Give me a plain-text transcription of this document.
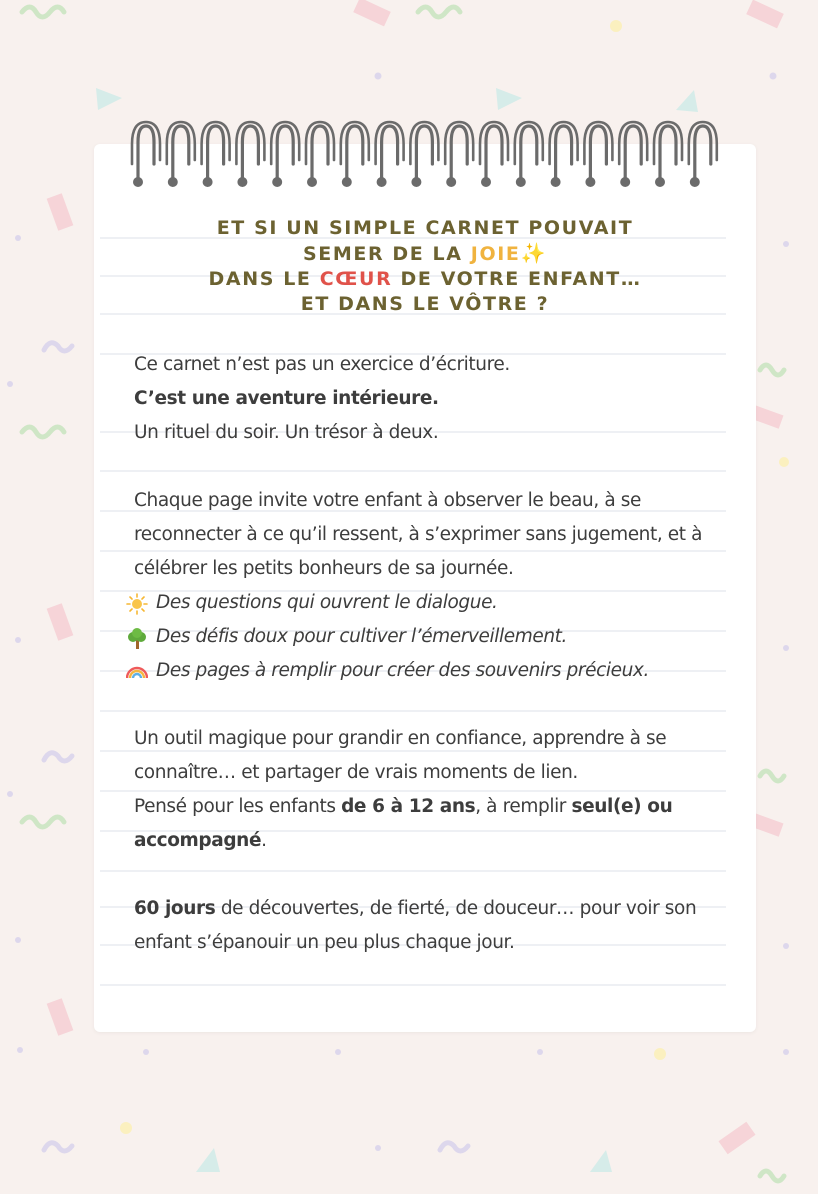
ET SI UN SIMPLE CARNET POUVAIT
SEMER DE LA JOIE✨
DANS LE CŒUR DE VOTRE ENFANT…
ET DANS LE VÔTRE ?

Ce carnet n’est pas un exercice d’écriture.

C’est une aventure intérieure.

Un rituel du soir. Un trésor à deux.

Chaque page invite votre enfant à observer le beau, à se reconnecter à ce qu’il ressent, à s’exprimer sans jugement, et à célébrer les petits bonheurs de sa journée.

Des questions qui ouvrent le dialogue.

Des défis doux pour cultiver l’émerveillement.

Des pages à remplir pour créer des souvenirs précieux.

Un outil magique pour grandir en confiance, apprendre à se connaître… et partager de vrais moments de lien.

Pensé pour les enfants de 6 à 12 ans, à remplir seul(e) ou accompagné.

60 jours de découvertes, de fierté, de douceur… pour voir son enfant s’épanouir un peu plus chaque jour.
